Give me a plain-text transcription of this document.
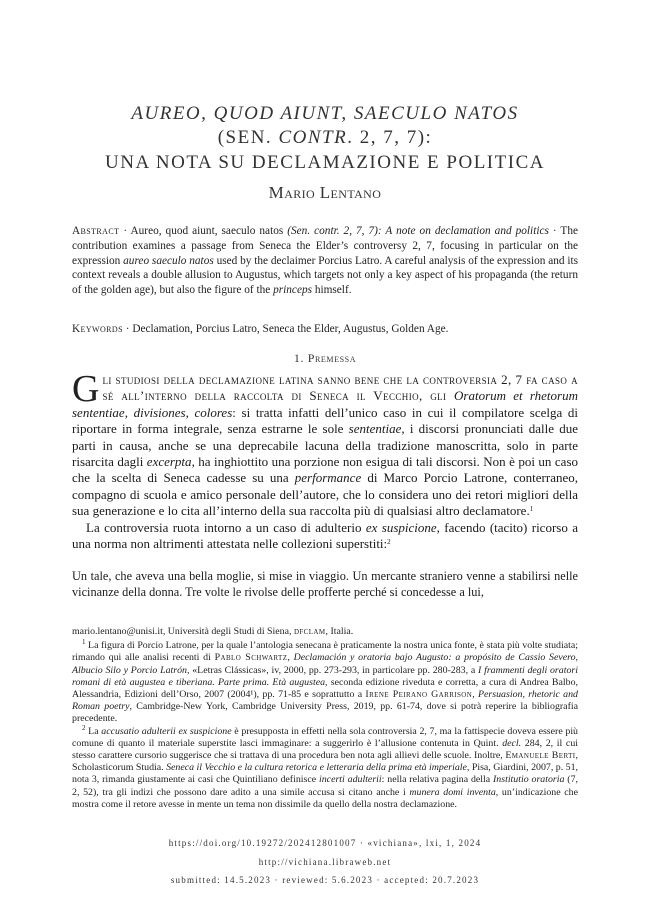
AUREO, QUOD AIUNT, SAECULO NATOS
(SEN. CONTR. 2, 7, 7):
UNA NOTA SU DECLAMAZIONE E POLITICA
Mario Lentano
Abstract · Aureo, quod aiunt, saeculo natos (Sen. contr. 2, 7, 7): A note on declamation and politics · The contribution examines a passage from Seneca the Elder’s controversy 2, 7, focusing in particular on the expression aureo saeculo natos used by the declaimer Porcius Latro. A careful analysis of the expression and its context reveals a double allusion to Augustus, which targets not only a key aspect of his propaganda (the return of the golden age), but also the figure of the princeps himself.
Keywords · Declamation, Porcius Latro, Seneca the Elder, Augustus, Golden Age.
1. Premessa

Gli studiosi della declamazione latina sanno bene che la controversia 2, 7 fa caso a sé all’interno della raccolta di Seneca il Vecchio, gli Oratorum et rhetorum sententiae, divisiones, colores: si tratta infatti dell’unico caso in cui il compilatore scelga di riportare in forma integrale, senza estrarne le sole sententiae, i discorsi pronunciati dalle due parti in causa, anche se una deprecabile lacuna della tradizione manoscritta, solo in parte risarcita dagli excerpta, ha inghiottito una porzione non esigua di tali discorsi. Non è poi un caso che la scelta di Seneca cadesse su una performance di Marco Porcio Latrone, conterraneo, compagno di scuola e amico personale dell’autore, che lo considera uno dei retori migliori della sua generazione e lo cita all’interno della sua raccolta più di qualsiasi altro declamatore.$^1$

La controversia ruota intorno a un caso di adulterio ex suspicione, facendo (tacito) ricorso a una norma non altrimenti attestata nelle collezioni superstiti:$^2$

Un tale, che aveva una bella moglie, si mise in viaggio. Un mercante straniero venne a stabilirsi nelle vicinanze della donna. Tre volte le rivolse delle profferte perché si concedesse a lui,

mario.lentano@unisi.it, Università degli Studi di Siena, dfclam, Italia.

$^1$ La figura di Porcio Latrone, per la quale l’antologia senecana è praticamente la nostra unica fonte, è stata più volte studiata; rimando qui alle analisi recenti di Pablo Schwartz, Declamación y oratoria bajo Augusto: a propósito de Cassio Severo, Albucio Silo y Porcio Latrón, «Letras Clássicas», iv, 2000, pp. 273-293, in particolare pp. 280-283, a I frammenti degli oratori romani di età augustea e tiberiana. Parte prima. Età augustea, seconda edizione riveduta e corretta, a cura di Andrea Balbo, Alessandria, Edizioni dell’Orso, 2007 (2004¹), pp. 71-85 e soprattutto a Irene Peirano Garrison, Persuasion, rhetoric and Roman poetry, Cambridge-New York, Cambridge University Press, 2019, pp. 61-74, dove si potrà reperire la bibliografia precedente.

$^2$ La accusatio adulterii ex suspicione è presupposta in effetti nella sola controversia 2, 7, ma la fattispecie doveva essere più comune di quanto il materiale superstite lasci immaginare: a suggerirlo è l’allusione contenuta in Quint. decl. 284, 2, il cui stesso carattere cursorio suggerisce che si trattava di una procedura ben nota agli allievi delle scuole. Inoltre, Emanuele Berti, Scholasticorum Studia. Seneca il Vecchio e la cultura retorica e letteraria della prima età imperiale, Pisa, Giardini, 2007, p. 51, nota 3, rimanda giustamente ai casi che Quintiliano definisce incerti adulterii: nella relativa pagina della Institutio oratoria (7, 2, 52), tra gli indizi che possono dare adito a una simile accusa si citano anche i munera domi inventa, un’indicazione che mostra come il retore avesse in mente un tema non dissimile da quello della nostra declamazione.

https://doi.org/10.19272/202412801007 · «vichiana», lxi, 1, 2024
http://vichiana.libraweb.net
submitted: 14.5.2023 · reviewed: 5.6.2023 · accepted: 20.7.2023
